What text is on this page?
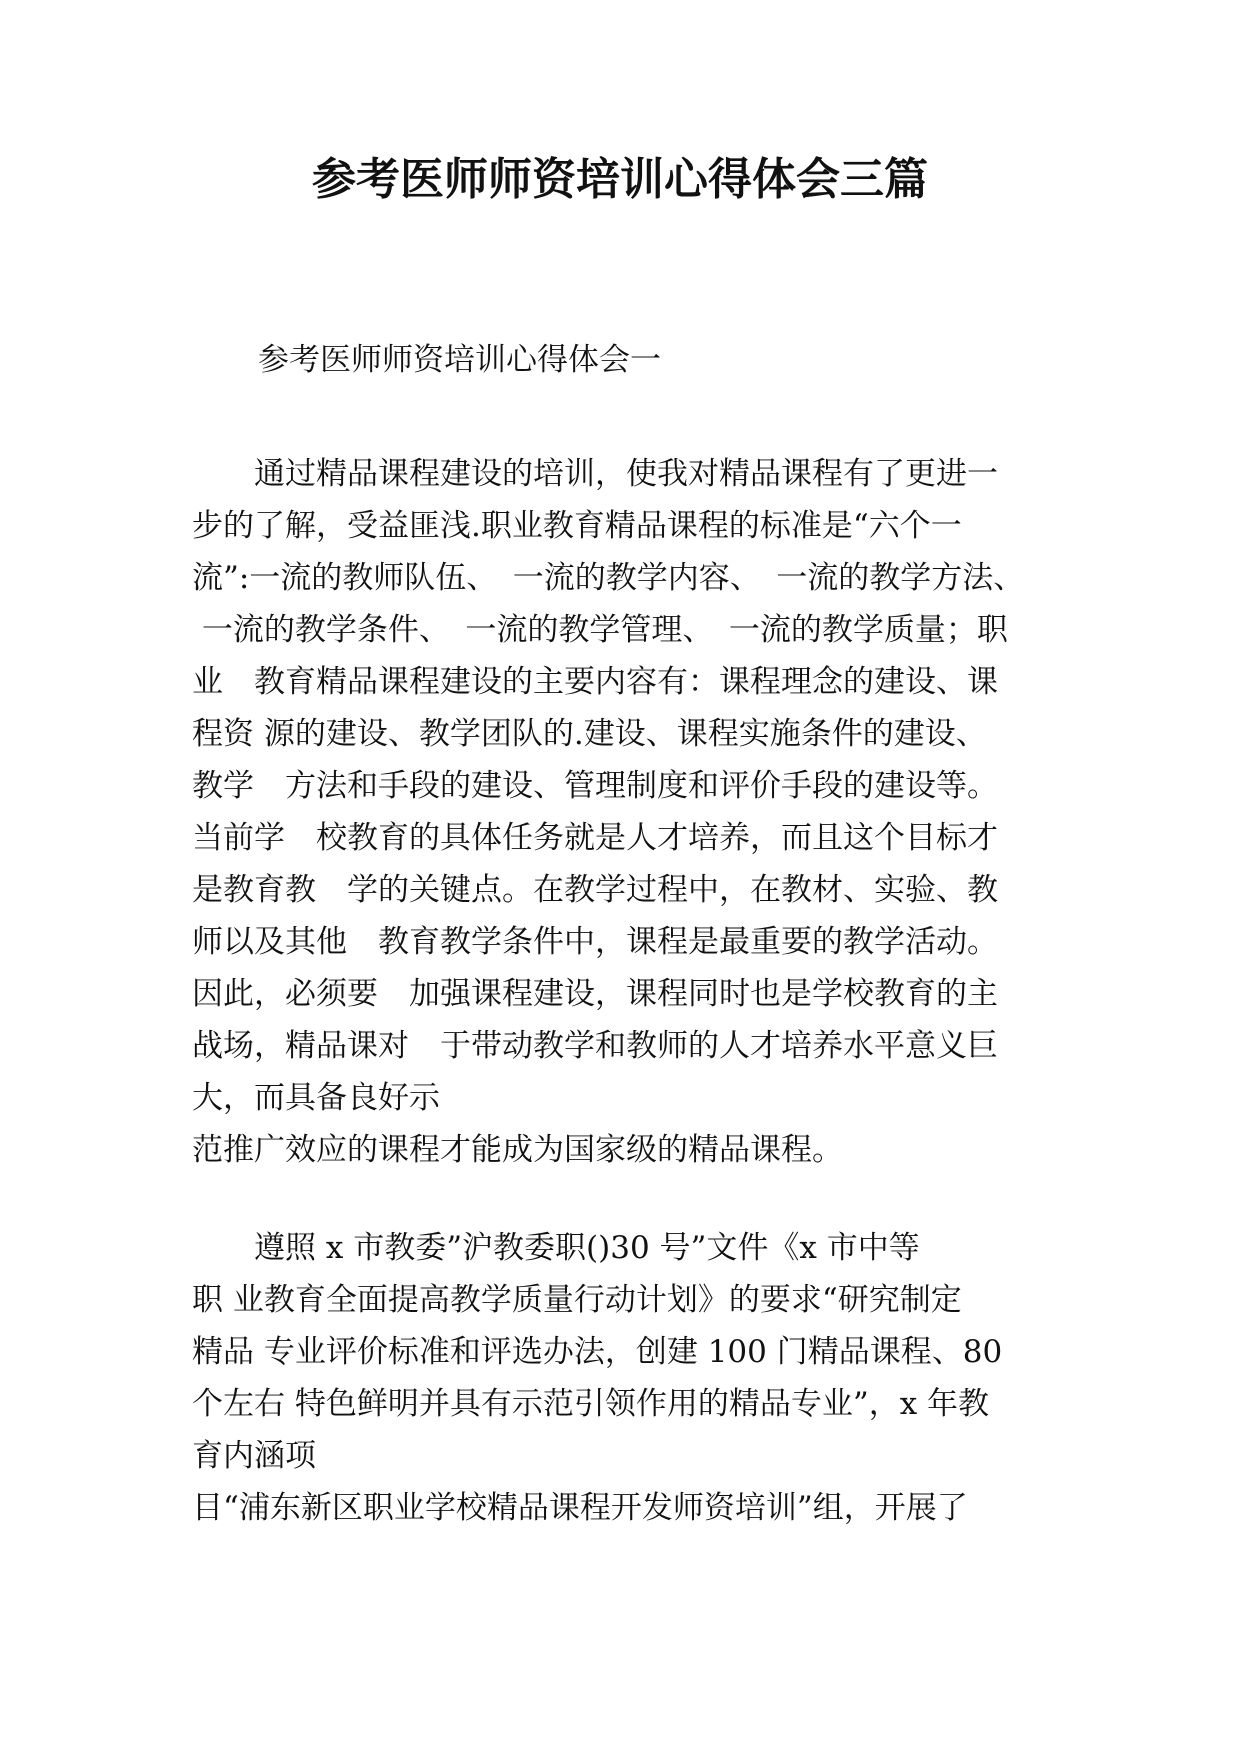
参考医师师资培训心得体会三篇
参考医师师资培训心得体会一
　　通过精品课程建设的培训，使我对精品课程有了更进一
步的了解，受益匪浅.职业教育精品课程的标准是“六个一
流”:一流的教师队伍、　一流的教学内容、　一流的教学方法、
一流的教学条件、　一流的教学管理、　一流的教学质量；职
业　教育精品课程建设的主要内容有：课程理念的建设、课
程资 源的建设、教学团队的.建设、课程实施条件的建设、
教学　方法和手段的建设、管理制度和评价手段的建设等。
当前学　校教育的具体任务就是人才培养，而且这个目标才
是教育教　学的关键点。在教学过程中，在教材、实验、教
师以及其他　教育教学条件中，课程是最重要的教学活动。
因此，必须要　加强课程建设，课程同时也是学校教育的主
战场，精品课对　于带动教学和教师的人才培养水平意义巨
大，而具备良好示
范推广效应的课程才能成为国家级的精品课程。
　　遵照 x 市教委”沪教委职()30 号”文件《x 市中等
职 业教育全面提高教学质量行动计划》的要求“研究制定
精品 专业评价标准和评选办法，创建 100 门精品课程、80
个左右 特色鲜明并具有示范引领作用的精品专业”，x 年教
育内涵项
目“浦东新区职业学校精品课程开发师资培训”组，开展了
